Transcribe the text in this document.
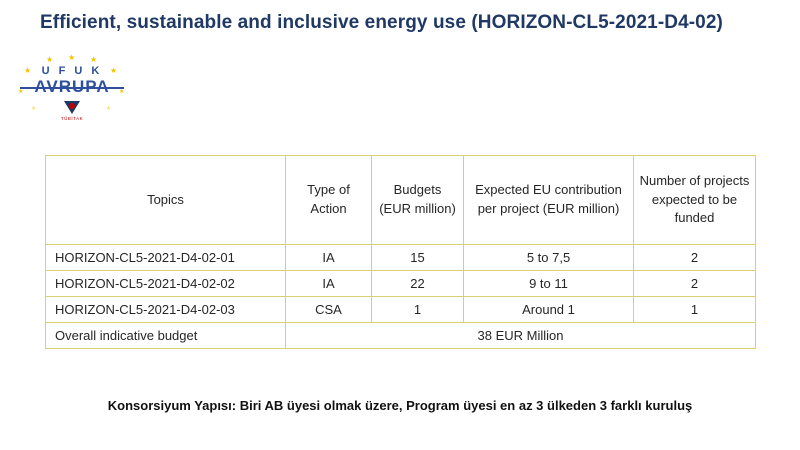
Efficient, sustainable and inclusive energy use (HORIZON-CL5-2021-D4-02)
★ ★ ★
★	★
★	★
★	★
U F U K
TÜBİTAK
Topics	Type of Action	Budgets (EUR million)	Expected EU contribution per project (EUR million)	Number of projects expected to be funded
HORIZON-CL5-2021-D4-02-01	IA	15	5 to 7,5	2
HORIZON-CL5-2021-D4-02-02	IA	22	9 to 11	2
HORIZON-CL5-2021-D4-02-03	CSA	1	Around 1	1
Overall indicative budget	38 EUR Million			
Konsorsiyum Yapısı: Biri AB üyesi olmak üzere, Program üyesi en az 3 ülkeden 3 farklı kuruluş
